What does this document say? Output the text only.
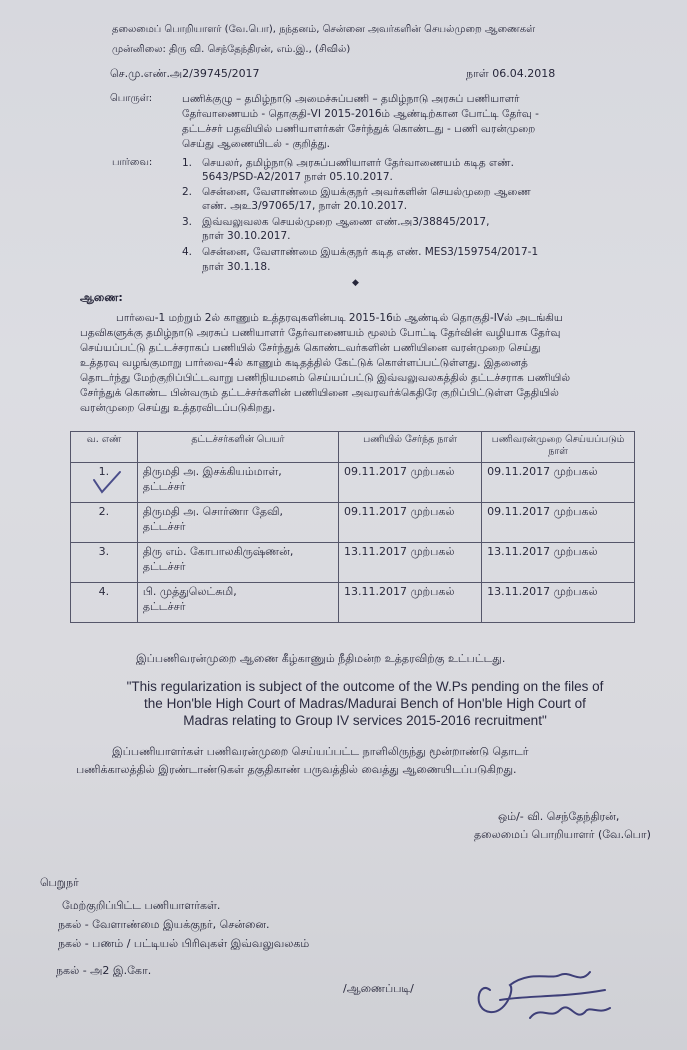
தலைமைப் பொறியாளர் (வே.பொ), நந்தனம், சென்னை அவர்களின் செயல்முறை ஆணைகள்
முன்னிலை: திரு வி. செந்தேந்திரன், எம்.இ., (சிவில்)
செ.மு.எண்.அ2/39745/2017	நாள் 06.04.2018
பொருள்:	பணிக்குழு – தமிழ்நாடு அமைச்சுப்பணி – தமிழ்நாடு அரசுப் பணியாளர்
தேர்வாணையம் - தொகுதி-VI 2015-2016ம் ஆண்டிற்கான போட்டி தேர்வு -
தட்டச்சர் பதவியில் பணியாளர்கள் சேர்ந்துக் கொண்டது - பணி வரன்முறை
செய்து ஆணையிடல் - குறித்து.
பார்வை:	1. செயலர், தமிழ்நாடு அரசுப்பணியாளர் தேர்வாணையம் கடித எண்.
5643/PSD-A2/2017 நாள் 05.10.2017.
2. சென்னை, வேளாண்மை இயக்குநர் அவர்களின் செயல்முறை ஆணை
எண். அஉ3/97065/17, நாள் 20.10.2017.
3. இவ்வலுவலக செயல்முறை ஆணை எண்.அ3/38845/2017,
நாள் 30.10.2017.
4. சென்னை, வேளாண்மை இயக்குநர் கடித எண். MES3/159754/2017-1
நாள் 30.1.18.
◆
ஆணை:
பார்வை-1 மற்றும் 2ல் காணும் உத்தரவுகளின்படி 2015-16ம் ஆண்டில் தொகுதி-IVல் அடங்கிய
பதவிகளுக்கு தமிழ்நாடு அரசுப் பணியாளர் தேர்வாணையம் மூலம் போட்டி தேர்வின் வழியாக தேர்வு
செய்யப்பட்டு தட்டச்சராகப் பணியில் சேர்ந்துக் கொண்டவர்களின் பணியினை வரன்முறை செய்து
உத்தரவு வழங்குமாறு பார்வை-4ல் காணும் கடிதத்தில் கேட்டுக் கொள்ளப்பட்டுள்ளது. இதனைத்
தொடர்ந்து மேற்குறிப்பிட்டவாறு பணிநியமனம் செய்யப்பட்டு இவ்வலுவலகத்தில் தட்டச்சராக பணியில்
சேர்ந்துக் கொண்ட பின்வரும் தட்டச்சர்களின் பணியினை அவரவர்க்கெதிரே குறிப்பிட்டுள்ள தேதியில்
வரன்முறை செய்து உத்தரவிடப்படுகிறது.
வ. எண்	தட்டச்சர்களின் பெயர்	பணியில் சேர்ந்த நாள்	பணிவரன்முறை செய்யப்படும் நாள்
1.	திருமதி அ. இசக்கியம்மாள்,
தட்டச்சர்	09.11.2017 முற்பகல்	09.11.2017 முற்பகல்
2.	திருமதி அ. சொர்ணா தேவி,
தட்டச்சர்	09.11.2017 முற்பகல்	09.11.2017 முற்பகல்
3.	திரு எம். கோபாலகிருஷ்ணன்,
தட்டச்சர்	13.11.2017 முற்பகல்	13.11.2017 முற்பகல்
4.	பி. முத்துலெட்சுமி,
தட்டச்சர்	13.11.2017 முற்பகல்	13.11.2017 முற்பகல்
இப்பணிவரன்முறை ஆணை கீழ்காணும் நீதிமன்ற உத்தரவிற்கு உட்பட்டது.
"This regularization is subject of the outcome of the W.Ps pending on the files of
the Hon'ble High Court of Madras/Madurai Bench of Hon'ble High Court of
Madras relating to Group IV services 2015-2016 recruitment"
இப்பணியாளர்கள் பணிவரன்முறை செய்யப்பட்ட நாளிலிருந்து மூன்றாண்டு தொடர்
பணிக்காலத்தில் இரண்டாண்டுகள் தகுதிகாண் பருவத்தில் வைத்து ஆணையிடப்படுகிறது.
ஒம்/- வி. செந்தேந்திரன்,
தலைமைப் பொறியாளர் (வே.பொ)
பெறுநர்
மேற்குறிப்பிட்ட பணியாளர்கள்.
நகல் - வேளாண்மை இயக்குநர், சென்னை.
நகல் - பணம் / பட்டியல் பிரிவுகள் இவ்வலுவலகம்
நகல் - அ2 இ.கோ.
/ஆணைப்படி/
